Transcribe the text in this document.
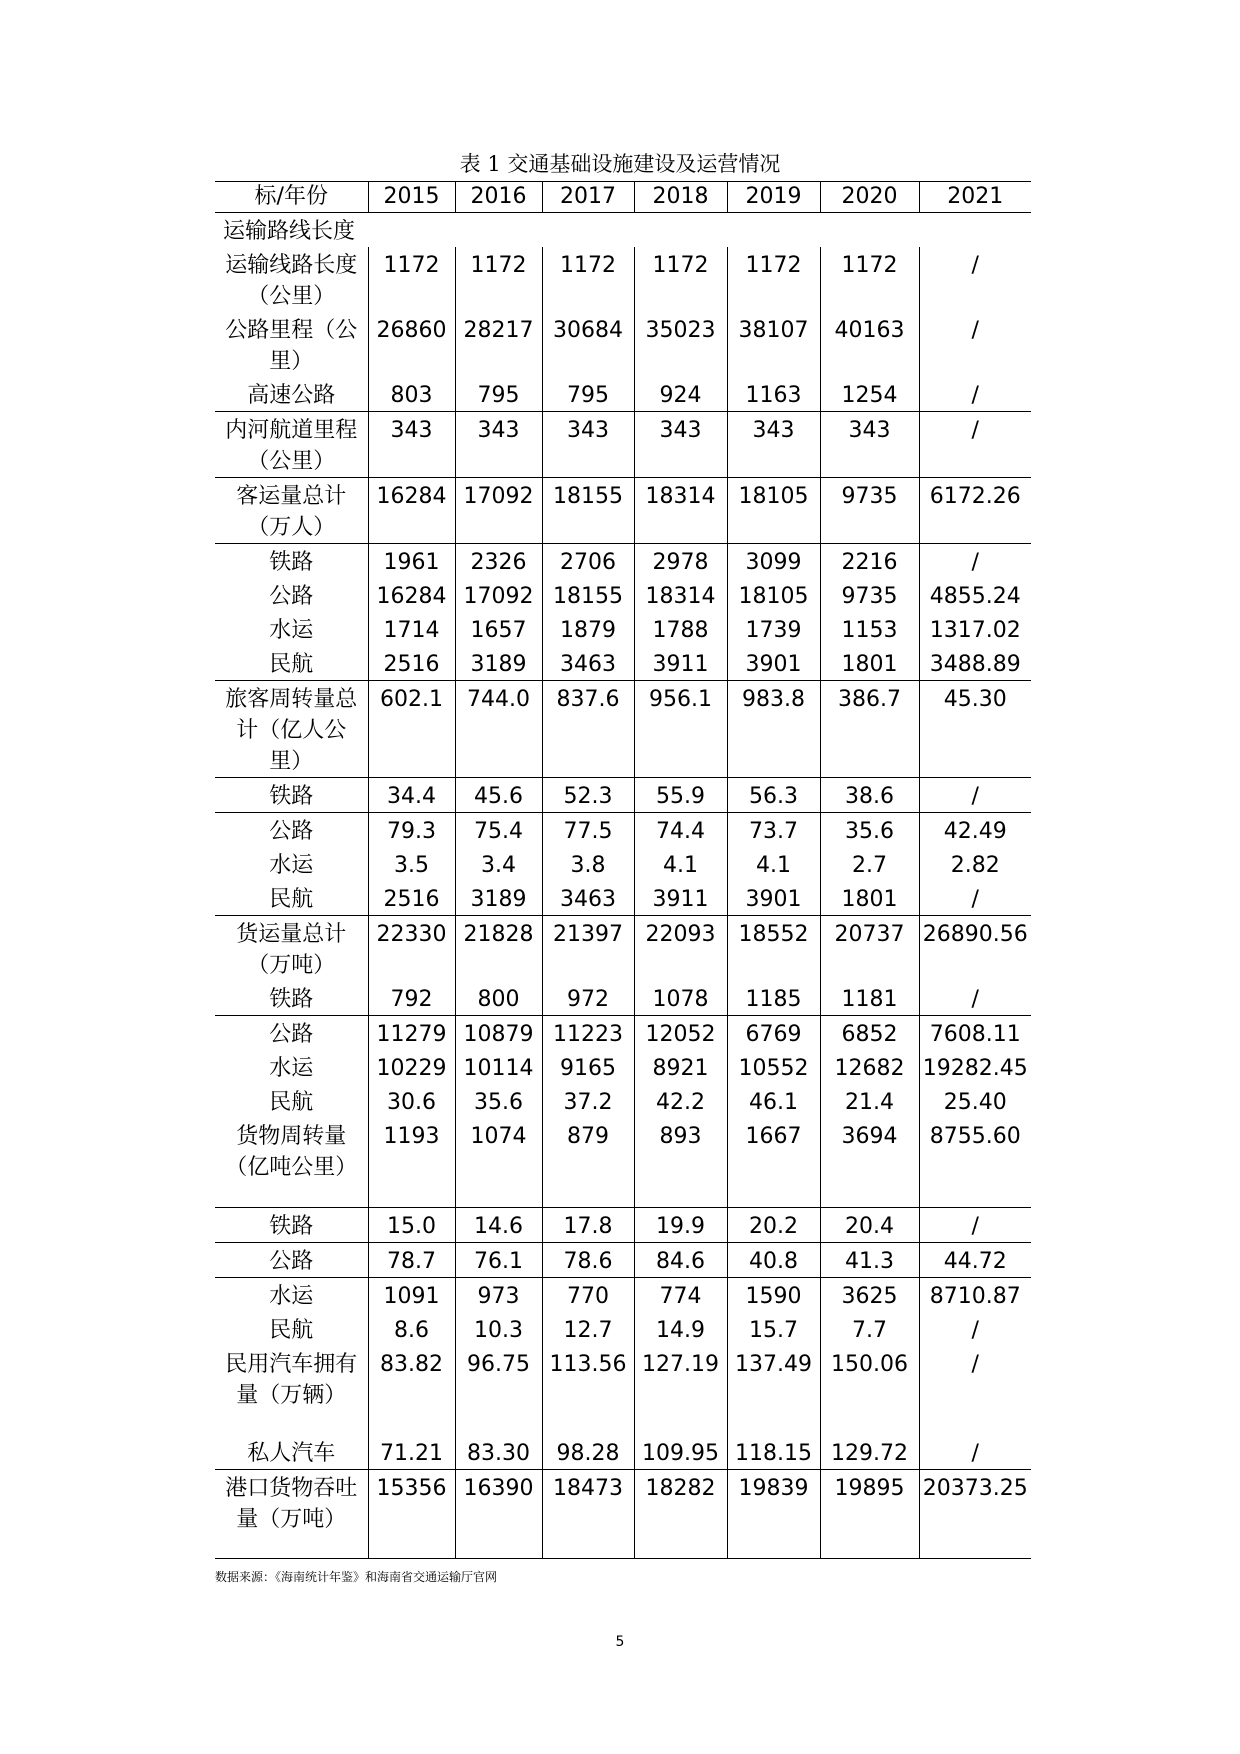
表 1 交通基础设施建设及运营情况
标/年份	2015	2016	2017	2018	2019	2020	2021
运输路线长度							
运输线路长度（公里）	1172	1172	1172	1172	1172	1172	/
公路里程（公里）	26860	28217	30684	35023	38107	40163	/
高速公路	803	795	795	924	1163	1254	/
内河航道里程（公里）	343	343	343	343	343	343	/
客运量总计（万人）	16284	17092	18155	18314	18105	9735	6172.26
铁路	1961	2326	2706	2978	3099	2216	/
公路	16284	17092	18155	18314	18105	9735	4855.24
水运	1714	1657	1879	1788	1739	1153	1317.02
民航	2516	3189	3463	3911	3901	1801	3488.89
旅客周转量总计（亿人公里）	602.1	744.0	837.6	956.1	983.8	386.7	45.30
铁路	34.4	45.6	52.3	55.9	56.3	38.6	/
公路	79.3	75.4	77.5	74.4	73.7	35.6	42.49
水运	3.5	3.4	3.8	4.1	4.1	2.7	2.82
民航	2516	3189	3463	3911	3901	1801	/
货运量总计（万吨）	22330	21828	21397	22093	18552	20737	26890.56
铁路	792	800	972	1078	1185	1181	/
公路	11279	10879	11223	12052	6769	6852	7608.11
水运	10229	10114	9165	8921	10552	12682	19282.45
民航	30.6	35.6	37.2	42.2	46.1	21.4	25.40
货物周转量（亿吨公里）	1193	1074	879	893	1667	3694	8755.60
铁路	15.0	14.6	17.8	19.9	20.2	20.4	/
公路	78.7	76.1	78.6	84.6	40.8	41.3	44.72
水运	1091	973	770	774	1590	3625	8710.87
民航	8.6	10.3	12.7	14.9	15.7	7.7	/
民用汽车拥有量（万辆）	83.82	96.75	113.56	127.19	137.49	150.06	/
私人汽车	71.21	83.30	98.28	109.95	118.15	129.72	/
港口货物吞吐量（万吨）	15356	16390	18473	18282	19839	19895	20373.25
数据来源：《海南统计年鉴》和海南省交通运输厅官网
5
